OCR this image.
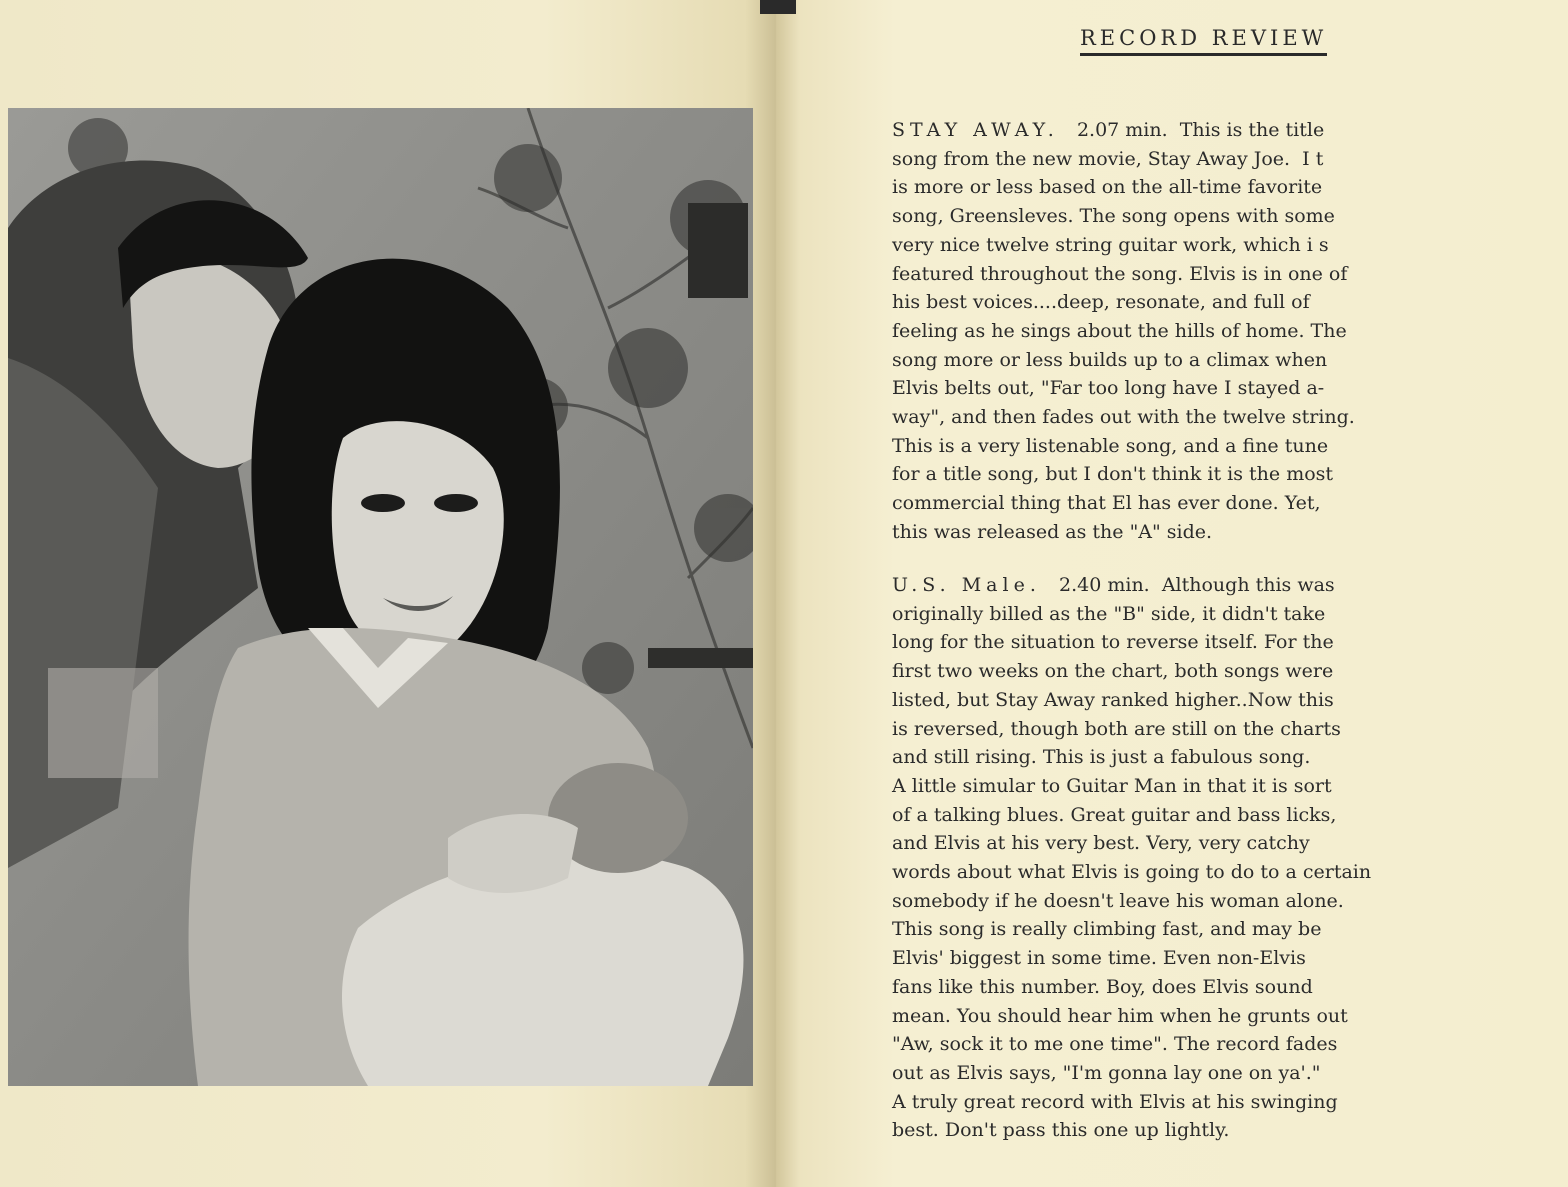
RECORD REVIEW
STAY AWAY. 2.07 min. This is the title
song from the new movie, Stay Away Joe.  I t
is more or less based on the all-time favorite
song, Greensleves. The song opens with some
very nice twelve string guitar work, which i s
featured throughout the song. Elvis is in one of
his best voices....deep, resonate, and full of
feeling as he sings about the hills of home. The
song more or less builds up to a climax when
Elvis belts out, "Far too long have I stayed a-
way", and then fades out with the twelve string.
This is a very listenable song, and a fine tune
for a title song, but I don't think it is the most
commercial thing that El has ever done. Yet,
this was released as the "A" side.
U.S. Male. 2.40 min. Although this was
originally billed as the "B" side, it didn't take
long for the situation to reverse itself. For the
first two weeks on the chart, both songs were
listed, but Stay Away ranked higher..Now this
is reversed, though both are still on the charts
and still rising. This is just a fabulous song.
A little simular to Guitar Man in that it is sort
of a talking blues. Great guitar and bass licks,
and Elvis at his very best. Very, very catchy
words about what Elvis is going to do to a certain
somebody if he doesn't leave his woman alone.
This song is really climbing fast, and may be
Elvis' biggest in some time. Even non-Elvis
fans like this number. Boy, does Elvis sound
mean. You should hear him when he grunts out
"Aw, sock it to me one time". The record fades
out as Elvis says, "I'm gonna lay one on ya'."
A truly great record with Elvis at his swinging
best. Don't pass this one up lightly.
